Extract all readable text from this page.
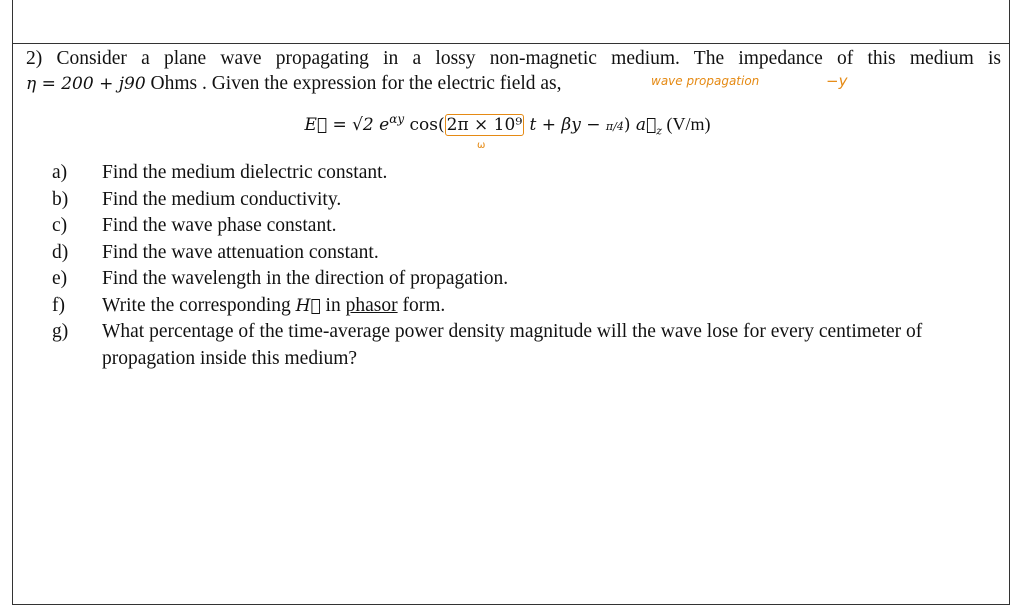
2) Consider a plane wave propagating in a lossy non-magnetic medium. The impedance of this medium is
η = 200 + j90 Ohms . Given the expression for the electric field as,	wave propagation	−y
E⃗ = √2 $e^{\alpha y}$ cos( 2π × 10⁹ t + βy − π/4) $a⃗_z$ (V/m)
ω
a)	Find the medium dielectric constant.
b)	Find the medium conductivity.
c)	Find the wave phase constant.
d)	Find the wave attenuation constant.
e)	Find the wavelength in the direction of propagation.
f)	Write the corresponding H⃗ in phasor form.
g)	What percentage of the time-average power density magnitude will the wave lose for every centimeter of propagation inside this medium?
